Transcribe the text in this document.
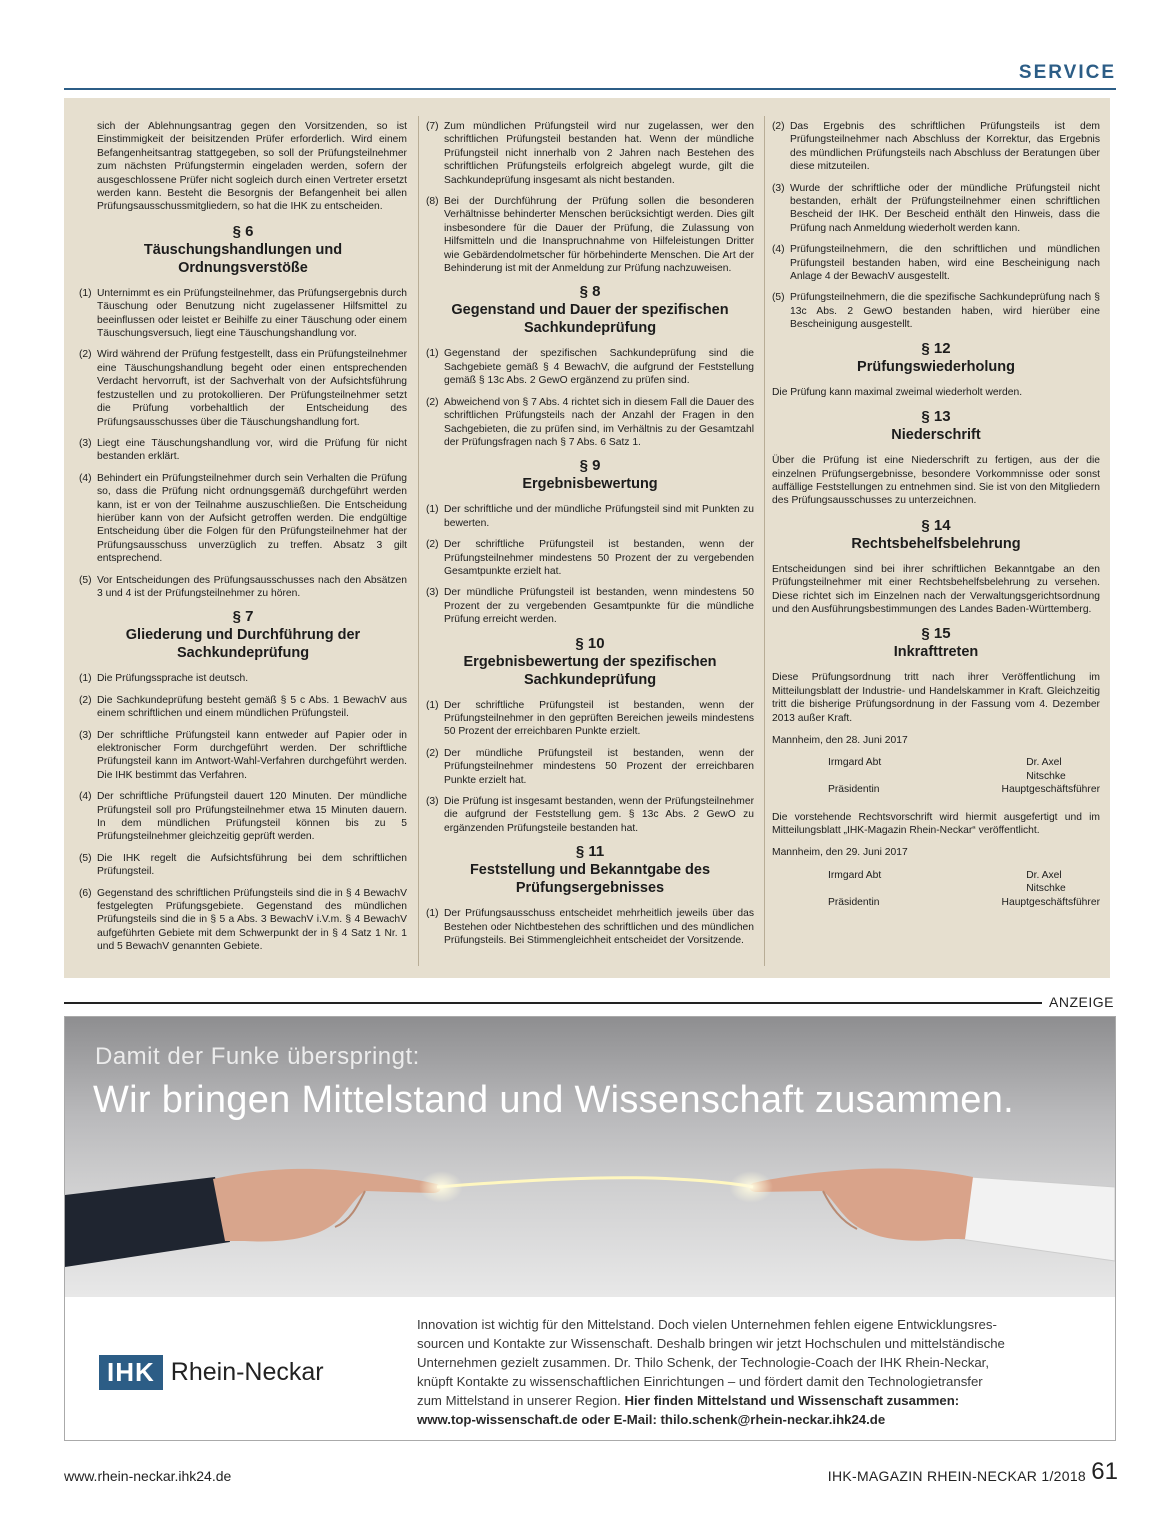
SERVICE

sich der Ablehnungsantrag gegen den Vorsitzenden, so ist Einstimmigkeit der beisitzenden Prüfer erforderlich. Wird einem Befangenheitsantrag stattgegeben, so soll der Prüfungsteilnehmer zum nächsten Prüfungstermin eingeladen werden, sofern der ausgeschlossene Prüfer nicht sogleich durch einen Vertreter ersetzt werden kann. Besteht die Besorgnis der Befangenheit bei allen Prüfungsausschussmitgliedern, so hat die IHK zu entscheiden.

§ 6
Täuschungshandlungen und Ordnungsverstöße
(1) Unternimmt es ein Prüfungsteilnehmer, das Prüfungsergebnis durch Täuschung oder Benutzung nicht zugelassener Hilfsmittel zu beeinflussen oder leistet er Beihilfe zu einer Täuschung oder einem Täuschungsversuch, liegt eine Täuschungshandlung vor.
(2) Wird während der Prüfung festgestellt, dass ein Prüfungsteilnehmer eine Täuschungshandlung begeht oder einen entsprechenden Verdacht hervorruft, ist der Sachverhalt von der Aufsichtsführung festzustellen und zu protokollieren. Der Prüfungsteilnehmer setzt die Prüfung vorbehaltlich der Entscheidung des Prüfungsausschusses über die Täuschungshandlung fort.
(3) Liegt eine Täuschungshandlung vor, wird die Prüfung für nicht bestanden erklärt.
(4) Behindert ein Prüfungsteilnehmer durch sein Verhalten die Prüfung so, dass die Prüfung nicht ordnungsgemäß durchgeführt werden kann, ist er von der Teilnahme auszuschließen. Die Entscheidung hierüber kann von der Aufsicht getroffen werden. Die endgültige Entscheidung über die Folgen für den Prüfungsteilnehmer hat der Prüfungsausschuss unverzüglich zu treffen. Absatz 3 gilt entsprechend.
(5) Vor Entscheidungen des Prüfungsausschusses nach den Absätzen 3 und 4 ist der Prüfungsteilnehmer zu hören.
§ 7
Gliederung und Durchführung der Sachkundeprüfung
(1) Die Prüfungssprache ist deutsch.
(2) Die Sachkundeprüfung besteht gemäß § 5 c Abs. 1 BewachV aus einem schriftlichen und einem mündlichen Prüfungsteil.
(3) Der schriftliche Prüfungsteil kann entweder auf Papier oder in elektronischer Form durchgeführt werden. Der schriftliche Prüfungsteil kann im Antwort-Wahl-Verfahren durchgeführt werden. Die IHK bestimmt das Verfahren.
(4) Der schriftliche Prüfungsteil dauert 120 Minuten. Der mündliche Prüfungsteil soll pro Prüfungsteilnehmer etwa 15 Minuten dauern. In dem mündlichen Prüfungsteil können bis zu 5 Prüfungsteilnehmer gleichzeitig geprüft werden.
(5) Die IHK regelt die Aufsichtsführung bei dem schriftlichen Prüfungsteil.
(6) Gegenstand des schriftlichen Prüfungsteils sind die in § 4 BewachV festgelegten Prüfungsgebiete. Gegenstand des mündlichen Prüfungsteils sind die in § 5 a Abs. 3 BewachV i.V.m. § 4 BewachV aufgeführten Gebiete mit dem Schwerpunkt der in § 4 Satz 1 Nr. 1 und 5 BewachV genannten Gebiete.
(7) Zum mündlichen Prüfungsteil wird nur zugelassen, wer den schriftlichen Prüfungsteil bestanden hat. Wenn der mündliche Prüfungsteil nicht innerhalb von 2 Jahren nach Bestehen des schriftlichen Prüfungsteils erfolgreich abgelegt wurde, gilt die Sachkundeprüfung insgesamt als nicht bestanden.
(8) Bei der Durchführung der Prüfung sollen die besonderen Verhältnisse behinderter Menschen berücksichtigt werden. Dies gilt insbesondere für die Dauer der Prüfung, die Zulassung von Hilfsmitteln und die Inanspruchnahme von Hilfeleistungen Dritter wie Gebärdendolmetscher für hörbehinderte Menschen. Die Art der Behinderung ist mit der Anmeldung zur Prüfung nachzuweisen.
§ 8
Gegenstand und Dauer der spezifischen Sachkundeprüfung
(1) Gegenstand der spezifischen Sachkundeprüfung sind die Sachgebiete gemäß § 4 BewachV, die aufgrund der Feststellung gemäß § 13c Abs. 2 GewO ergänzend zu prüfen sind.
(2) Abweichend von § 7 Abs. 4 richtet sich in diesem Fall die Dauer des schriftlichen Prüfungsteils nach der Anzahl der Fragen in den Sachgebieten, die zu prüfen sind, im Verhältnis zu der Gesamtzahl der Prüfungsfragen nach § 7 Abs. 6 Satz 1.
§ 9
Ergebnisbewertung
(1) Der schriftliche und der mündliche Prüfungsteil sind mit Punkten zu bewerten.
(2) Der schriftliche Prüfungsteil ist bestanden, wenn der Prüfungsteilnehmer mindestens 50 Prozent der zu vergebenden Gesamtpunkte erzielt hat.
(3) Der mündliche Prüfungsteil ist bestanden, wenn mindestens 50 Prozent der zu vergebenden Gesamtpunkte für die mündliche Prüfung erreicht werden.
§ 10
Ergebnisbewertung der spezifischen Sachkundeprüfung
(1) Der schriftliche Prüfungsteil ist bestanden, wenn der Prüfungsteilnehmer in den geprüften Bereichen jeweils mindestens 50 Prozent der erreichbaren Punkte erzielt.
(2) Der mündliche Prüfungsteil ist bestanden, wenn der Prüfungsteilnehmer mindestens 50 Prozent der erreichbaren Punkte erzielt hat.
(3) Die Prüfung ist insgesamt bestanden, wenn der Prüfungsteilnehmer die aufgrund der Feststellung gem. § 13c Abs. 2 GewO zu ergänzenden Prüfungsteile bestanden hat.
§ 11
Feststellung und Bekanntgabe des Prüfungsergebnisses
(1) Der Prüfungsausschuss entscheidet mehrheitlich jeweils über das Bestehen oder Nichtbestehen des schriftlichen und des mündlichen Prüfungsteils. Bei Stimmengleichheit entscheidet der Vorsitzende.
(2) Das Ergebnis des schriftlichen Prüfungsteils ist dem Prüfungsteilnehmer nach Abschluss der Korrektur, das Ergebnis des mündlichen Prüfungsteils nach Abschluss der Beratungen über diese mitzuteilen.
(3) Wurde der schriftliche oder der mündliche Prüfungsteil nicht bestanden, erhält der Prüfungsteilnehmer einen schriftlichen Bescheid der IHK. Der Bescheid enthält den Hinweis, dass die Prüfung nach Anmeldung wiederholt werden kann.
(4) Prüfungsteilnehmern, die den schriftlichen und mündlichen Prüfungsteil bestanden haben, wird eine Bescheinigung nach Anlage 4 der BewachV ausgestellt.
(5) Prüfungsteilnehmern, die die spezifische Sachkundeprüfung nach § 13c Abs. 2 GewO bestanden haben, wird hierüber eine Bescheinigung ausgestellt.
§ 12
Prüfungswiederholung

Die Prüfung kann maximal zweimal wiederholt werden.

§ 13
Niederschrift

Über die Prüfung ist eine Niederschrift zu fertigen, aus der die einzelnen Prüfungsergebnisse, besondere Vorkommnisse oder sonst auffällige Feststellungen zu entnehmen sind. Sie ist von den Mitgliedern des Prüfungsausschusses zu unterzeichnen.

§ 14
Rechtsbehelfsbelehrung

Entscheidungen sind bei ihrer schriftlichen Bekanntgabe an den Prüfungsteilnehmer mit einer Rechtsbehelfsbelehrung zu versehen. Diese richtet sich im Einzelnen nach der Verwaltungsgerichtsordnung und den Ausführungsbestimmungen des Landes Baden-Württemberg.

§ 15
Inkrafttreten

Diese Prüfungsordnung tritt nach ihrer Veröffentlichung im Mitteilungsblatt der Industrie- und Handelskammer in Kraft. Gleichzeitig tritt die bisherige Prüfungsordnung in der Fassung vom 4. Dezember 2013 außer Kraft.

Mannheim, den 28. Juni 2017

Irmgard Abt	Dr. Axel Nitschke
Präsidentin	Hauptgeschäftsführer

Die vorstehende Rechtsvorschrift wird hiermit ausgefertigt und im Mitteilungsblatt „IHK-Magazin Rhein-Neckar“ veröffentlicht.

Mannheim, den 29. Juni 2017

Irmgard Abt	Dr. Axel Nitschke
Präsidentin	Hauptgeschäftsführer
ANZEIGE
Damit der Funke überspringt:
Wir bringen Mittelstand und Wissenschaft zusammen.
IHK Rhein-Neckar
Innovation ist wichtig für den Mittelstand. Doch vielen Unternehmen fehlen eigene Entwicklungsres-
sourcen und Kontakte zur Wissenschaft. Deshalb bringen wir jetzt Hochschulen und mittelständische
Unternehmen gezielt zusammen. Dr. Thilo Schenk, der Technologie-Coach der IHK Rhein-Neckar,
knüpft Kontakte zu wissenschaftlichen Einrichtungen – und fördert damit den Technologietransfer
zum Mittelstand in unserer Region. Hier finden Mittelstand und Wissenschaft zusammen:
www.top-wissenschaft.de oder E-Mail: thilo.schenk@rhein-neckar.ihk24.de
www.rhein-neckar.ihk24.de	IHK-MAGAZIN RHEIN-NECKAR 1/2018 61
